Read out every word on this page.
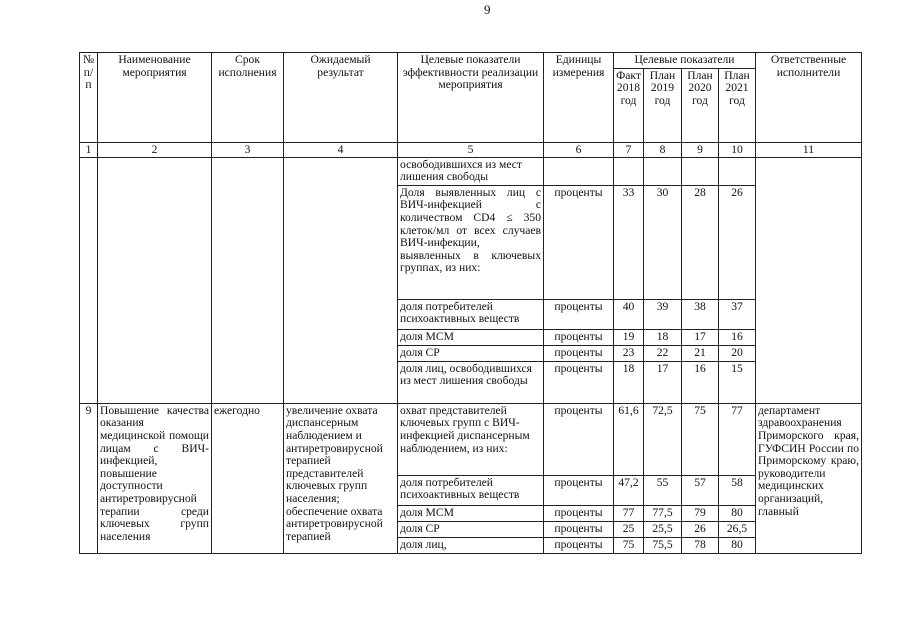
9
№ п/п	Наименование мероприятия	Срок исполнения	Ожидаемый результат	Целевые показатели эффективности реализации мероприятия	Единицы измерения	Целевые показатели				Ответственные исполнители
						Факт 2018 год	План 2019 год	План 2020 год	План 2021 год	
1	2	3	4	5	6	7	8	9	10	11
				освободившихся из мест лишения свободы						
				Доля выявленных лиц с ВИЧ-инфекцией с количеством CD4 ≤ 350 клеток/мл от всех случаев ВИЧ-инфекции, выявленных в ключевых группах, из них:	проценты	33	30	28	26	
				доля потребителей психоактивных веществ	проценты	40	39	38	37	
				доля МСМ	проценты	19	18	17	16	
				доля СР	проценты	23	22	21	20	
				доля лиц, освободившихся из мест лишения свободы	проценты	18	17	16	15	
9	Повышение качества оказания медицинской помощи лицам с ВИЧ-инфекцией, повышение доступности антиретровирусной терапии среди ключевых групп населения	ежегодно	увеличение охвата диспансерным наблюдением и антиретровирусной терапией представителей ключевых групп населения; обеспечение охвата антиретровирусной терапией	охват представителей ключевых групп с ВИЧ-инфекцией диспансерным наблюдением, из них:	проценты	61,6	72,5	75	77	департамент здравоохранения Приморского края, ГУФСИН России по Приморскому краю, руководители медицинских организаций, главный
				доля потребителей психоактивных веществ	проценты	47,2	55	57	58	
				доля МСМ	проценты	77	77,5	79	80	
				доля СР	проценты	25	25,5	26	26,5	
				доля лиц,	проценты	75	75,5	78	80	
